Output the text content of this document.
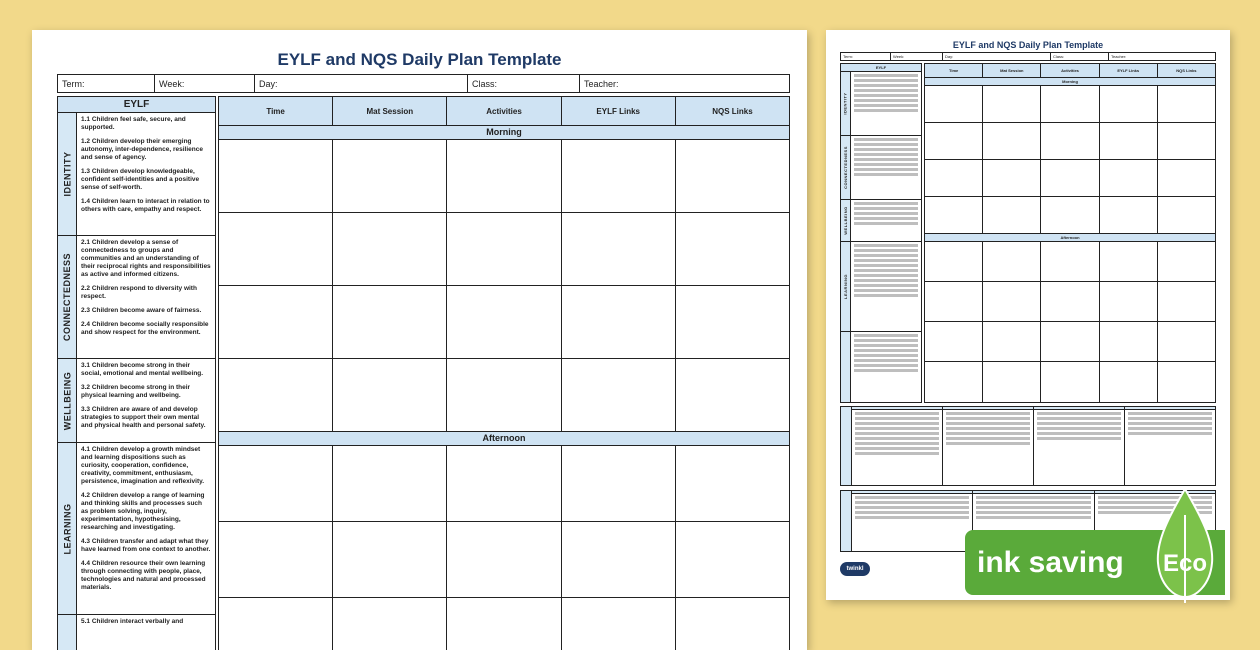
EYLF and NQS Daily Plan Template
Term:	Week:	Day:	Class:	Teacher:
EYLF
IDENTITY

1.1 Children feel safe, secure, and supported.

1.2 Children develop their emerging autonomy, inter-dependence, resilience and sense of agency.

1.3 Children develop knowledgeable, confident self-identities and a positive sense of self-worth.

1.4 Children learn to interact in relation to others with care, empathy and respect.

CONNECTEDNESS

2.1 Children develop a sense of connectedness to groups and communities and an understanding of their reciprocal rights and responsibilities as active and informed citizens.

2.2 Children respond to diversity with respect.

2.3 Children become aware of fairness.

2.4 Children become socially responsible and show respect for the environment.

WELLBEING

3.1 Children become strong in their social, emotional and mental wellbeing.

3.2 Children become strong in their physical learning and wellbeing.

3.3 Children are aware of and develop strategies to support their own mental and physical health and personal safety.

LEARNING

4.1 Children develop a growth mindset and learning dispositions such as curiosity, cooperation, confidence, creativity, commitment, enthusiasm, persistence, imagination and reflexivity.

4.2 Children develop a range of learning and thinking skills and processes such as problem solving, inquiry, experimentation, hypothesising, researching and investigating.

4.3 Children transfer and adapt what they have learned from one context to another.

4.4 Children resource their own learning through connecting with people, place, technologies and natural and processed materials.

5.1 Children interact verbally and

Time	Mat Session	Activities	EYLF Links	NQS Links
Morning
Afternoon
EYLF and NQS Daily Plan Template
Term:	Week:	Day:	Class:	Teacher:
EYLF
IDENTITY
CONNECTEDNESS
WELLBEING
LEARNING
Time	Mat Session	Activities	EYLF Links	NQS Links
Morning
Afternoon
twinkl	ink saving Eco
